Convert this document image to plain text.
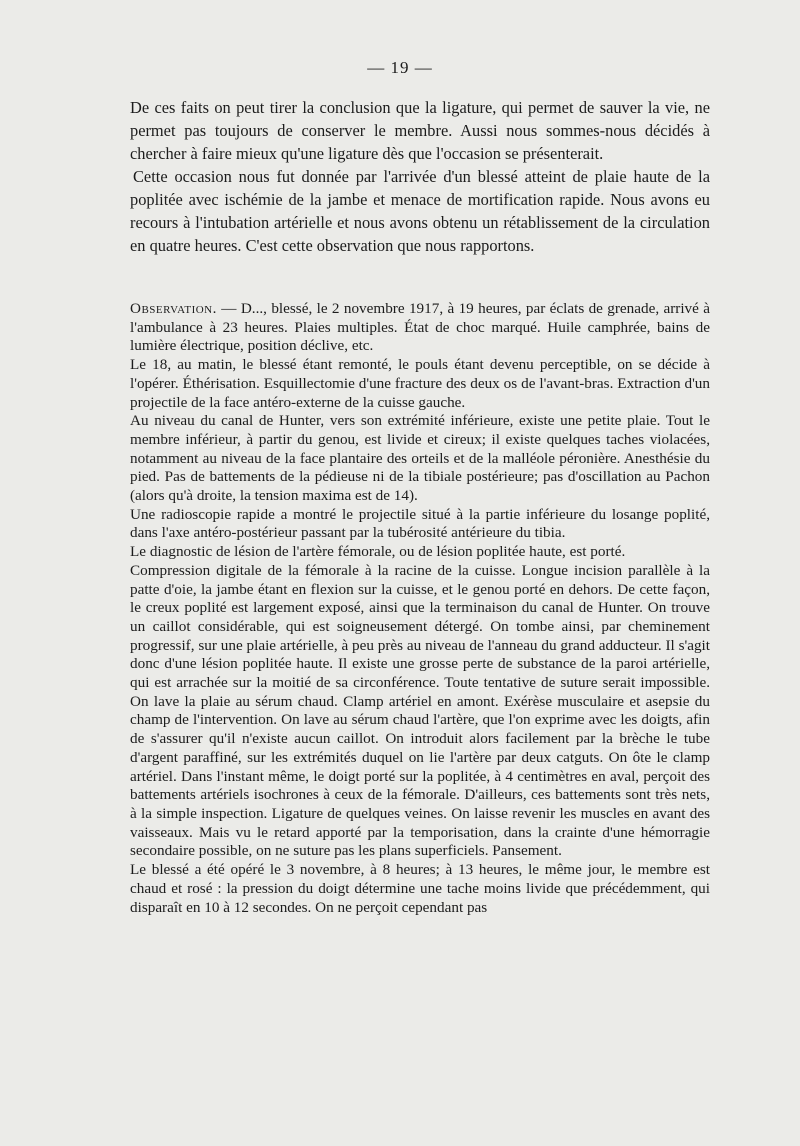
— 19 —

De ces faits on peut tirer la conclusion que la ligature, qui permet de sauver la vie, ne permet pas toujours de conserver le membre. Aussi nous sommes-nous décidés à chercher à faire mieux qu'une ligature dès que l'occasion se présenterait.

Cette occasion nous fut donnée par l'arrivée d'un blessé atteint de plaie haute de la poplitée avec ischémie de la jambe et menace de mortification rapide. Nous avons eu recours à l'intubation artérielle et nous avons obtenu un rétablissement de la circulation en quatre heures. C'est cette observation que nous rapportons.

Observation. — D..., blessé, le 2 novembre 1917, à 19 heures, par éclats de grenade, arrivé à l'ambulance à 23 heures. Plaies multiples. État de choc marqué. Huile camphrée, bains de lumière électrique, position déclive, etc.

Le 18, au matin, le blessé étant remonté, le pouls étant devenu perceptible, on se décide à l'opérer. Éthérisation. Esquillectomie d'une fracture des deux os de l'avant-bras. Extraction d'un projectile de la face antéro-externe de la cuisse gauche.

Au niveau du canal de Hunter, vers son extrémité inférieure, existe une petite plaie. Tout le membre inférieur, à partir du genou, est livide et cireux; il existe quelques taches violacées, notamment au niveau de la face plantaire des orteils et de la malléole péronière. Anesthésie du pied. Pas de battements de la pédieuse ni de la tibiale postérieure; pas d'oscillation au Pachon (alors qu'à droite, la tension maxima est de 14).

Une radioscopie rapide a montré le projectile situé à la partie inférieure du losange poplité, dans l'axe antéro-postérieur passant par la tubérosité antérieure du tibia.

Le diagnostic de lésion de l'artère fémorale, ou de lésion poplitée haute, est porté.

Compression digitale de la fémorale à la racine de la cuisse. Longue incision parallèle à la patte d'oie, la jambe étant en flexion sur la cuisse, et le genou porté en dehors. De cette façon, le creux poplité est largement exposé, ainsi que la terminaison du canal de Hunter. On trouve un caillot considérable, qui est soigneusement détergé. On tombe ainsi, par cheminement progressif, sur une plaie artérielle, à peu près au niveau de l'anneau du grand adducteur. Il s'agit donc d'une lésion poplitée haute. Il existe une grosse perte de substance de la paroi artérielle, qui est arrachée sur la moitié de sa circonférence. Toute tentative de suture serait impossible. On lave la plaie au sérum chaud. Clamp artériel en amont. Exérèse musculaire et asepsie du champ de l'intervention. On lave au sérum chaud l'artère, que l'on exprime avec les doigts, afin de s'assurer qu'il n'existe aucun caillot. On introduit alors facilement par la brèche le tube d'argent paraffiné, sur les extrémités duquel on lie l'artère par deux catguts. On ôte le clamp artériel. Dans l'instant même, le doigt porté sur la poplitée, à 4 centimètres en aval, perçoit des battements artériels isochrones à ceux de la fémorale. D'ailleurs, ces battements sont très nets, à la simple inspection. Ligature de quelques veines. On laisse revenir les muscles en avant des vaisseaux. Mais vu le retard apporté par la temporisation, dans la crainte d'une hémorragie secondaire possible, on ne suture pas les plans superficiels. Pansement.

Le blessé a été opéré le 3 novembre, à 8 heures; à 13 heures, le même jour, le membre est chaud et rosé : la pression du doigt détermine une tache moins livide que précédemment, qui disparaît en 10 à 12 secondes. On ne perçoit cependant pas
